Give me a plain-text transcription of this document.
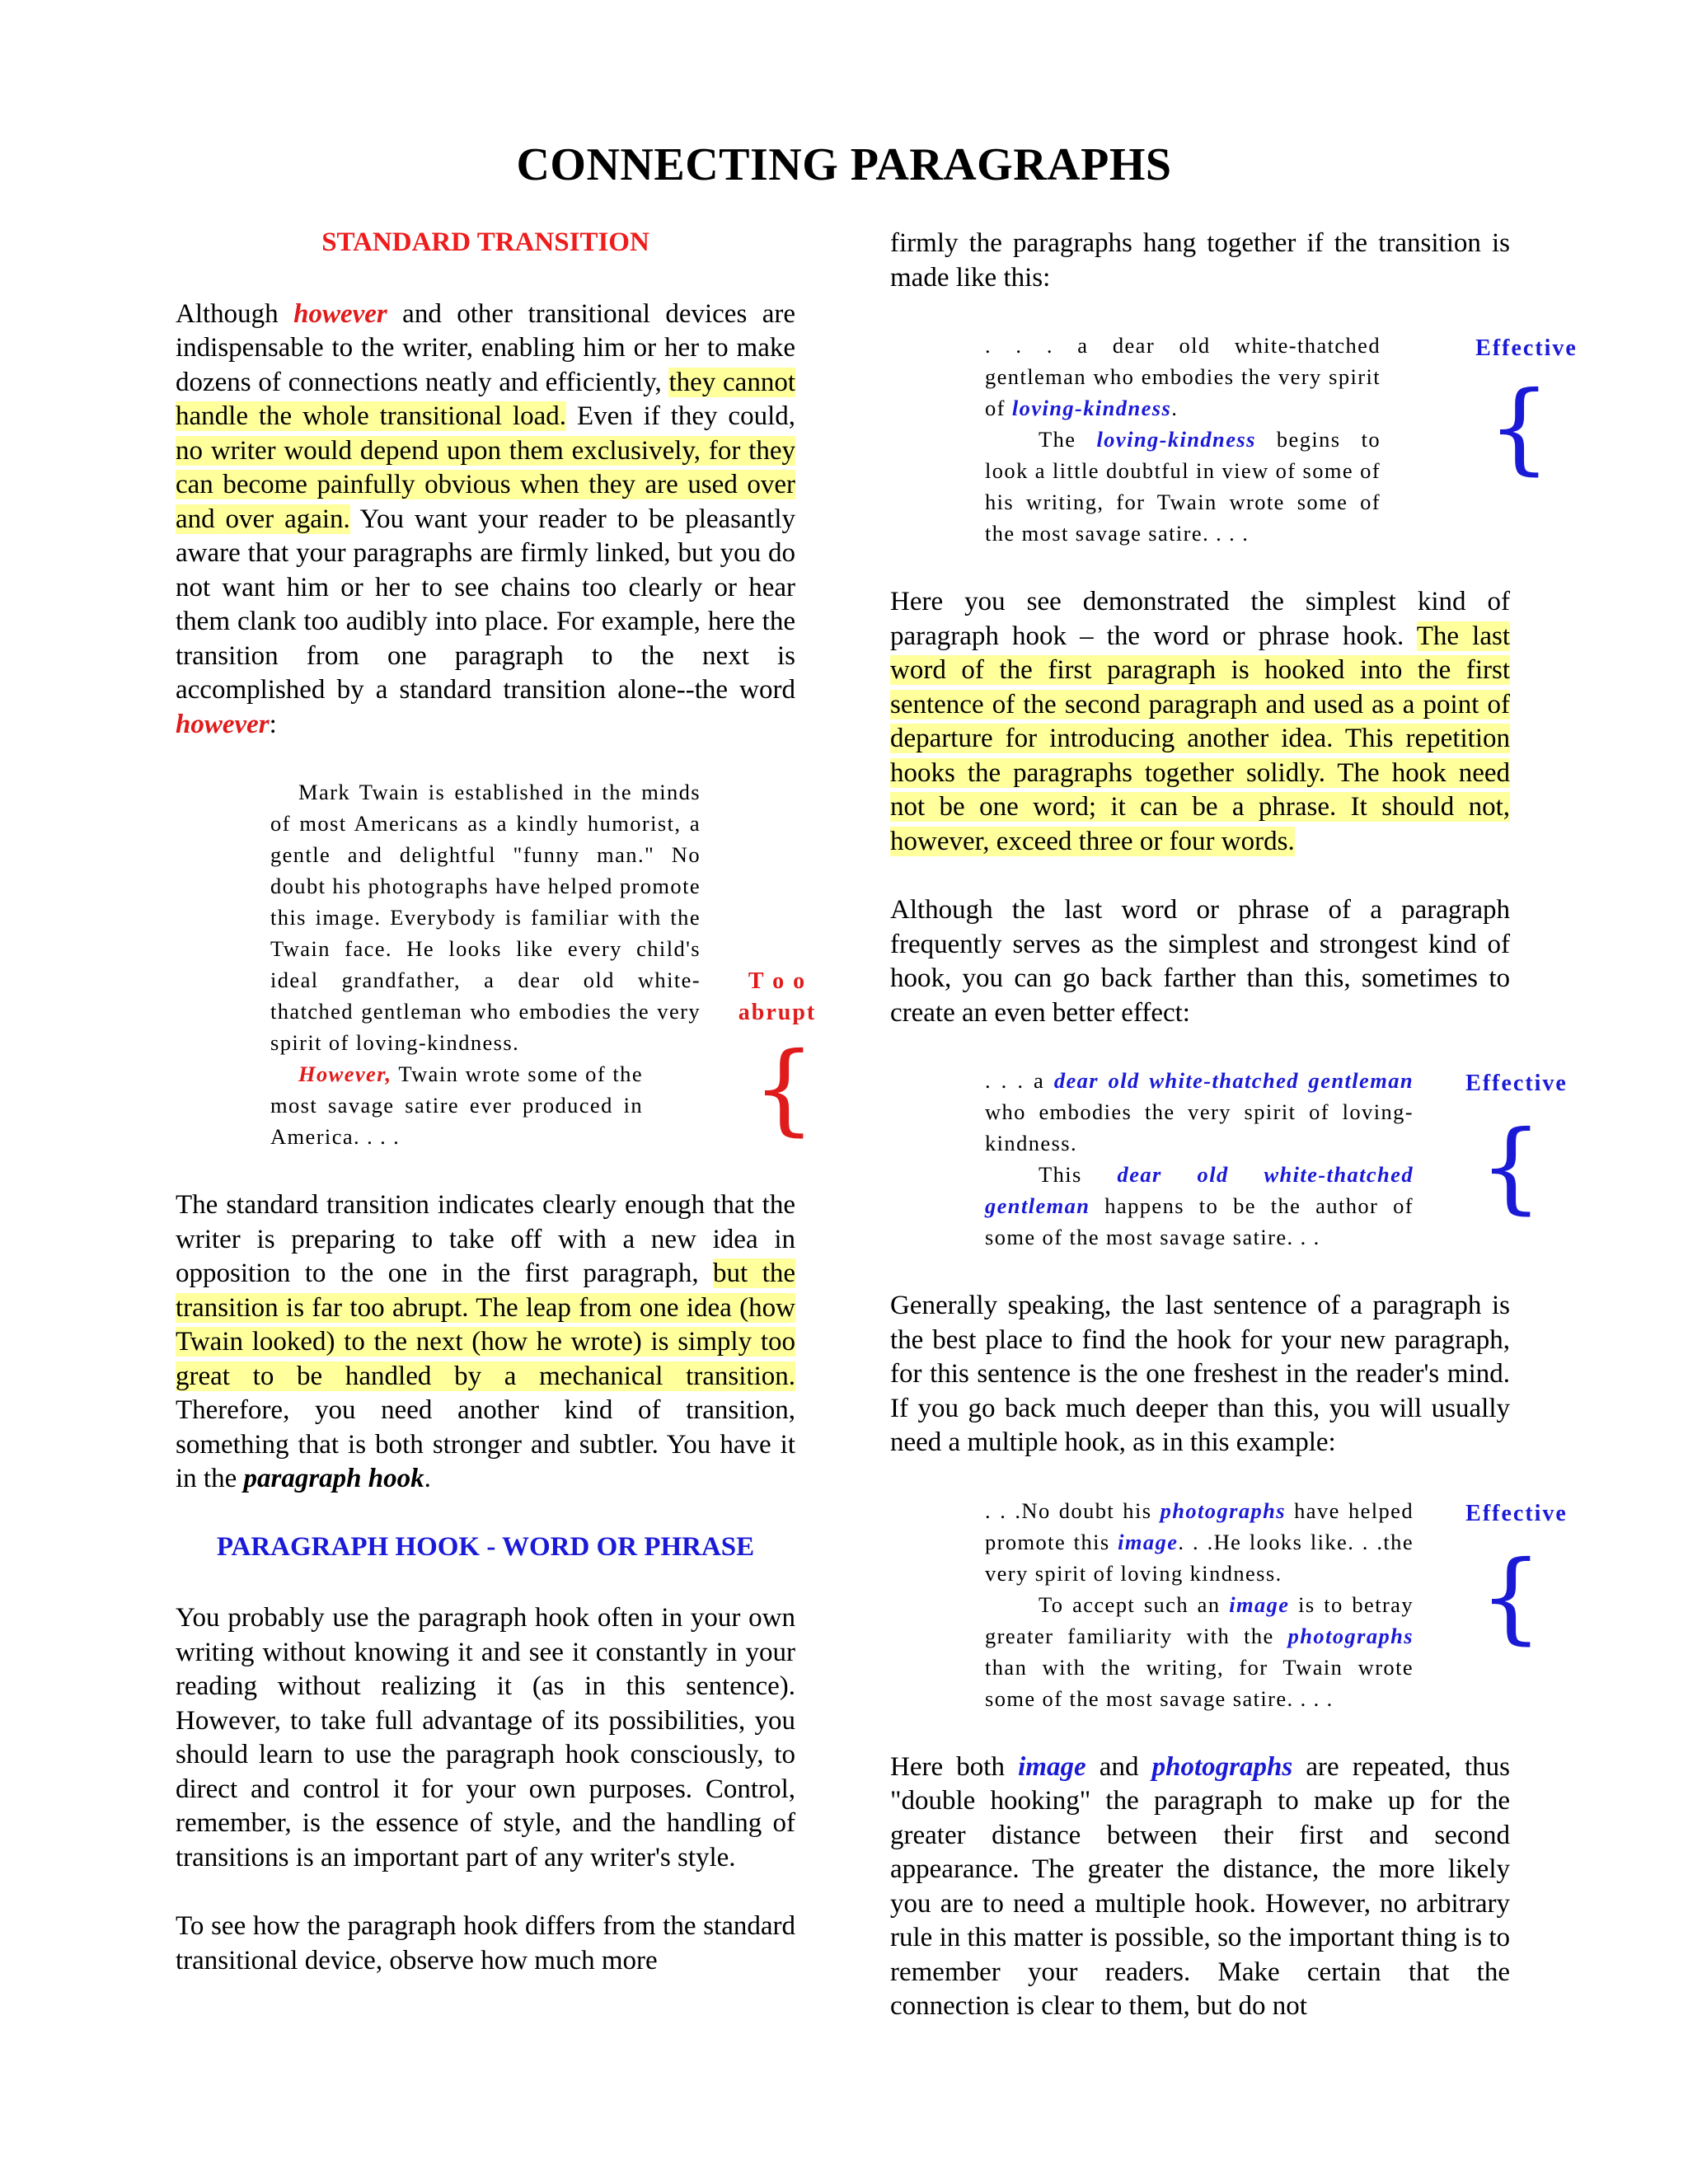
CONNECTING PARAGRAPHS
STANDARD TRANSITION

Although however and other transitional devices are indispensable to the writer, enabling him or her to make dozens of connections neatly and efficiently, they cannot handle the whole transitional load. Even if they could, no writer would depend upon them exclusively, for they can become painfully obvious when they are used over and over again. You want your reader to be pleasantly aware that your paragraphs are firmly linked, but you do not want him or her to see chains too clearly or hear them clank too audibly into place. For example, here the transition from one paragraph to the next is accomplished by a standard transition alone--the word however:

Mark Twain is established in the minds of most Americans as a kindly humorist, a gentle and delightful "funny man." No doubt his photographs have helped promote this image. Everybody is familiar with the Twain face. He looks like every child's ideal grandfather, a dear old white-thatched gentleman who embodies the very spirit of loving-kindness.

However, Twain wrote some of the most savage satire ever produced in America. . . .

T o o
abrupt
{

The standard transition indicates clearly enough that the writer is preparing to take off with a new idea in opposition to the one in the first paragraph, but the transition is far too abrupt. The leap from one idea (how Twain looked) to the next (how he wrote) is simply too great to be handled by a mechanical transition. Therefore, you need another kind of transition, something that is both stronger and subtler. You have it in the paragraph hook.

PARAGRAPH HOOK - WORD OR PHRASE

You probably use the paragraph hook often in your own writing without knowing it and see it constantly in your reading without realizing it (as in this sentence). However, to take full advantage of its possibilities, you should learn to use the paragraph hook consciously, to direct and control it for your own purposes. Control, remember, is the essence of style, and the handling of transitions is an important part of any writer's style.

To see how the paragraph hook differs from the standard transitional device, observe how much more

firmly the paragraphs hang together if the transition is made like this:

. . . a dear old white-thatched gentleman who embodies the very spirit of loving-kindness.

The loving-kindness begins to look a little doubtful in view of some of his writing, for Twain wrote some of the most savage satire. . . .

Effective
{

Here you see demonstrated the simplest kind of paragraph hook – the word or phrase hook. The last word of the first paragraph is hooked into the first sentence of the second paragraph and used as a point of departure for introducing another idea. This repetition hooks the paragraphs together solidly. The hook need not be one word; it can be a phrase. It should not, however, exceed three or four words.

Although the last word or phrase of a paragraph frequently serves as the simplest and strongest kind of hook, you can go back farther than this, sometimes to create an even better effect:

. . . a dear old white-thatched gentleman who embodies the very spirit of loving-kindness.

This dear old white-thatched gentleman happens to be the author of some of the most savage satire. . .

Effective
{

Generally speaking, the last sentence of a paragraph is the best place to find the hook for your new paragraph, for this sentence is the one freshest in the reader's mind. If you go back much deeper than this, you will usually need a multiple hook, as in this example:

. . .No doubt his photographs have helped promote this image. . .He looks like. . .the very spirit of loving kindness.

To accept such an image is to betray greater familiarity with the photographs than with the writing, for Twain wrote some of the most savage satire. . . .

Effective
{

Here both image and photographs are repeated, thus "double hooking" the paragraph to make up for the greater distance between their first and second appearance. The greater the distance, the more likely you are to need a multiple hook. However, no arbitrary rule in this matter is possible, so the important thing is to remember your readers. Make certain that the connection is clear to them, but do not
